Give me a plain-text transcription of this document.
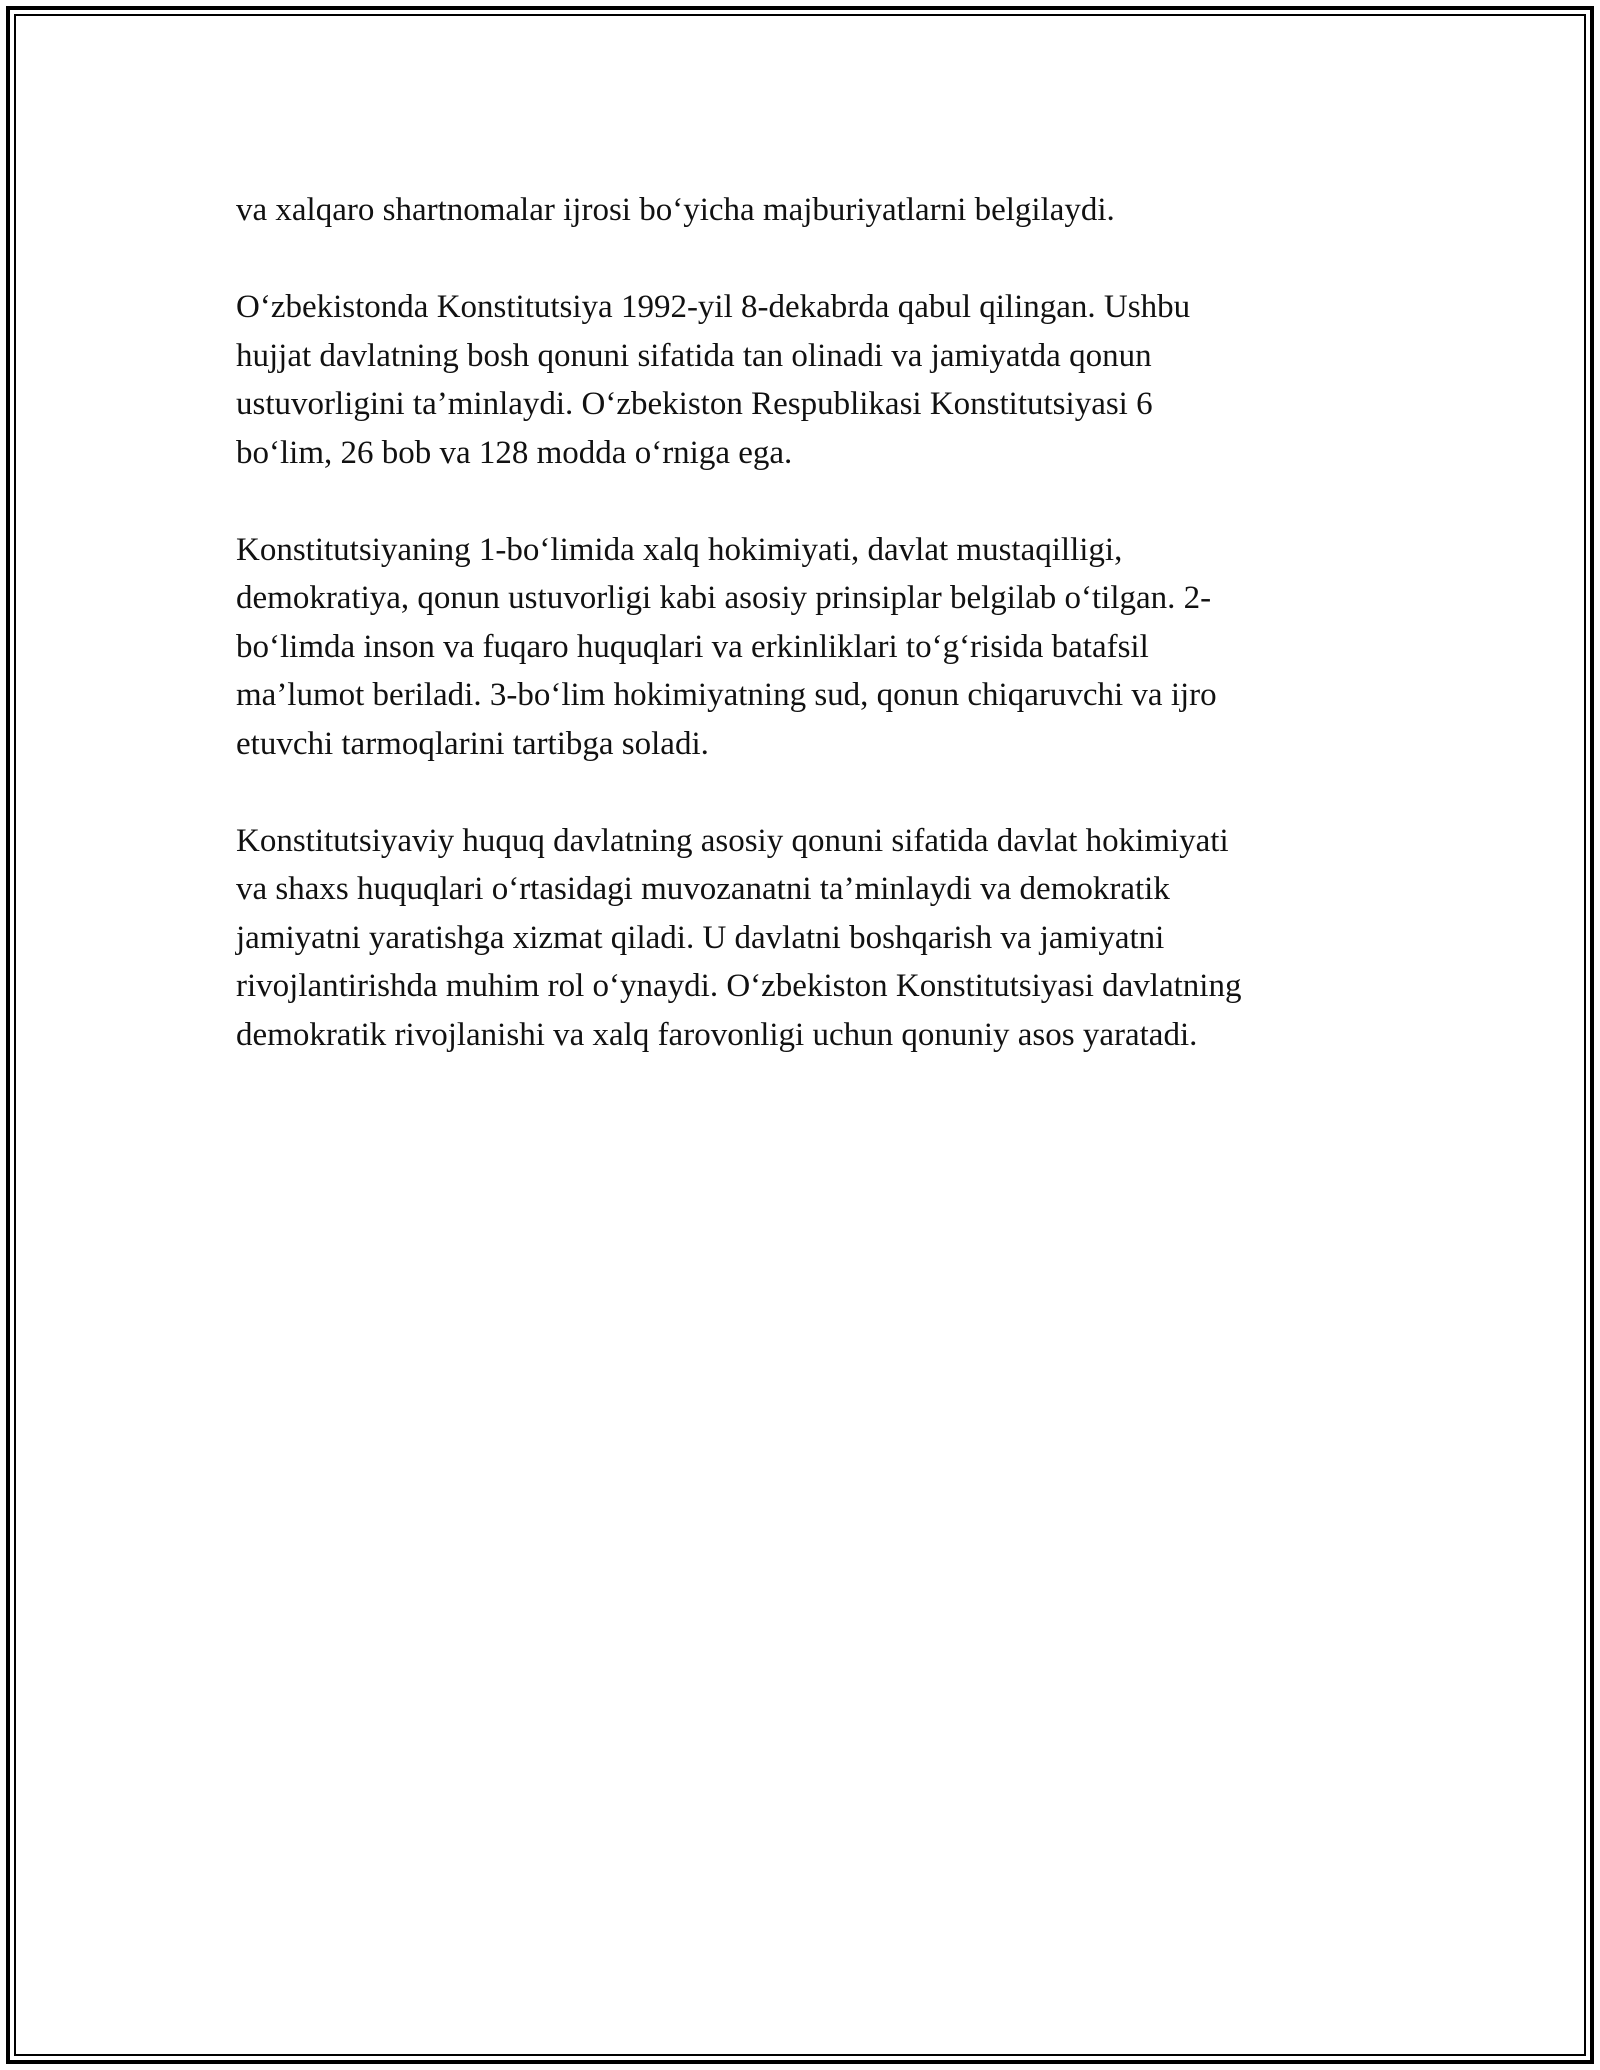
va xalqaro shartnomalar ijrosi bo‘yicha majburiyatlarni belgilaydi.

O‘zbekistonda Konstitutsiya 1992-yil 8-dekabrda qabul qilingan. Ushbu
hujjat davlatning bosh qonuni sifatida tan olinadi va jamiyatda qonun
ustuvorligini ta’minlaydi. O‘zbekiston Respublikasi Konstitutsiyasi 6
bo‘lim, 26 bob va 128 modda o‘rniga ega.

Konstitutsiyaning 1-bo‘limida xalq hokimiyati, davlat mustaqilligi,
demokratiya, qonun ustuvorligi kabi asosiy prinsiplar belgilab o‘tilgan. 2-
bo‘limda inson va fuqaro huquqlari va erkinliklari to‘g‘risida batafsil
ma’lumot beriladi. 3-bo‘lim hokimiyatning sud, qonun chiqaruvchi va ijro
etuvchi tarmoqlarini tartibga soladi.

Konstitutsiyaviy huquq davlatning asosiy qonuni sifatida davlat hokimiyati
va shaxs huquqlari o‘rtasidagi muvozanatni ta’minlaydi va demokratik
jamiyatni yaratishga xizmat qiladi. U davlatni boshqarish va jamiyatni
rivojlantirishda muhim rol o‘ynaydi. O‘zbekiston Konstitutsiyasi davlatning
demokratik rivojlanishi va xalq farovonligi uchun qonuniy asos yaratadi.
